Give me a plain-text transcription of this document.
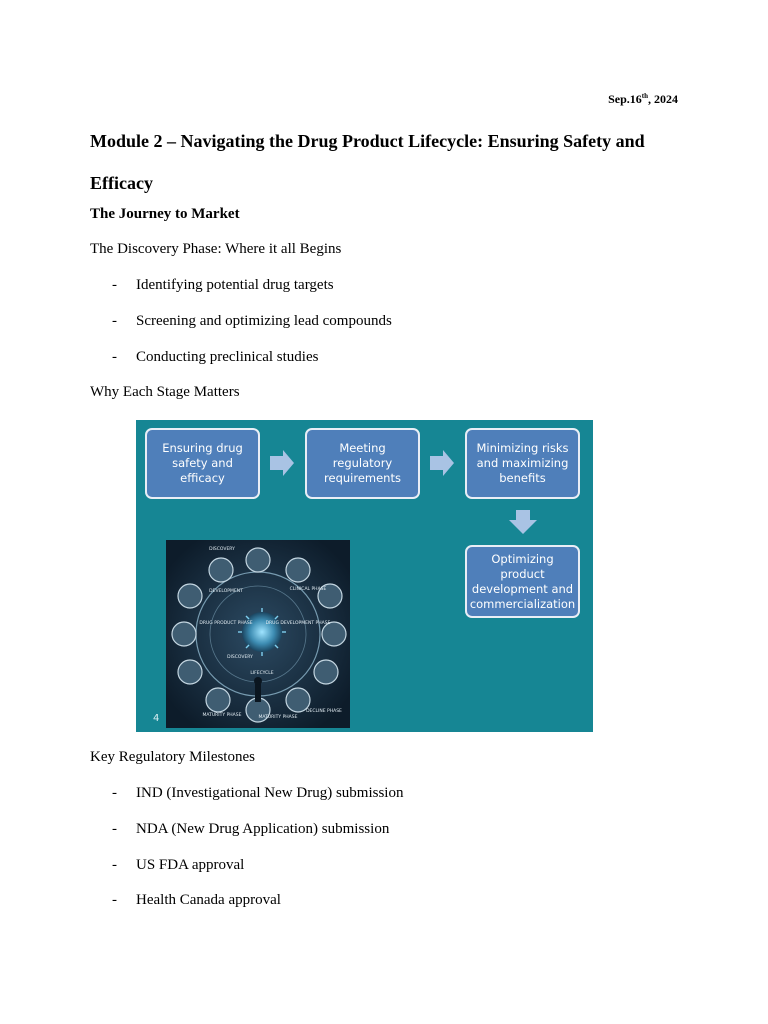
Sep.16th, 2024
Module 2 – Navigating the Drug Product Lifecycle: Ensuring Safety and Efficacy
The Journey to Market

The Discovery Phase: Where it all Begins

-	Identifying potential drug targets
-	Screening and optimizing lead compounds
-	Conducting preclinical studies

Why Each Stage Matters

Ensuring drug safety and efficacy
Meeting regulatory requirements
Minimizing risks and maximizing benefits
Optimizing product development and commercialization
DISCOVERY
DEVELOPMENT	CLINICAL PHASE
DRUG PRODUCT PHASE	DRUG DEVELOPMENT PHASE
DISCOVERY
LIFECYCLE
MATURITY PHASE	MATURITY PHASE
DECLINE PHASE
4

Key Regulatory Milestones

-	IND (Investigational New Drug) submission
-	NDA (New Drug Application) submission
-	US FDA approval
-	Health Canada approval
